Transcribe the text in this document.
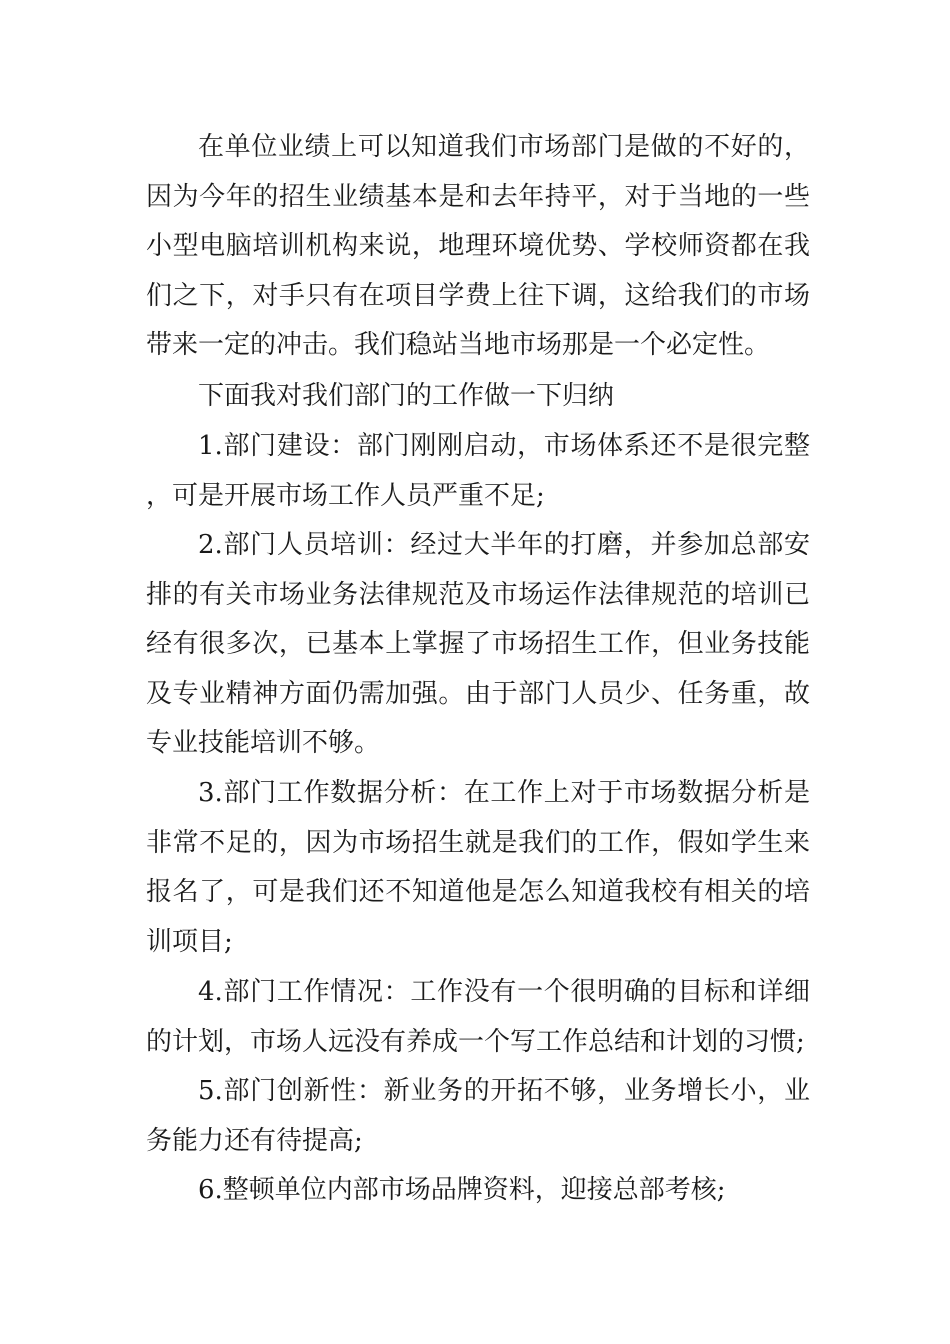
在单位业绩上可以知道我们市场部门是做的不好的，因为今年的招生业绩基本是和去年持平，对于当地的一些小型电脑培训机构来说，地理环境优势、学校师资都在我们之下，对手只有在项目学费上往下调，这给我们的市场带来一定的冲击。我们稳站当地市场那是一个必定性。

下面我对我们部门的工作做一下归纳

1.部门建设：部门刚刚启动，市场体系还不是很完整，可是开展市场工作人员严重不足;

2.部门人员培训：经过大半年的打磨，并参加总部安排的有关市场业务法律规范及市场运作法律规范的培训已经有很多次，已基本上掌握了市场招生工作，但业务技能及专业精神方面仍需加强。由于部门人员少、任务重，故专业技能培训不够。

3.部门工作数据分析：在工作上对于市场数据分析是非常不足的，因为市场招生就是我们的工作，假如学生来报名了，可是我们还不知道他是怎么知道我校有相关的培训项目;

4.部门工作情况：工作没有一个很明确的目标和详细的计划，市场人远没有养成一个写工作总结和计划的习惯;

5.部门创新性：新业务的开拓不够，业务增长小，业务能力还有待提高;

6.整顿单位内部市场品牌资料，迎接总部考核;
